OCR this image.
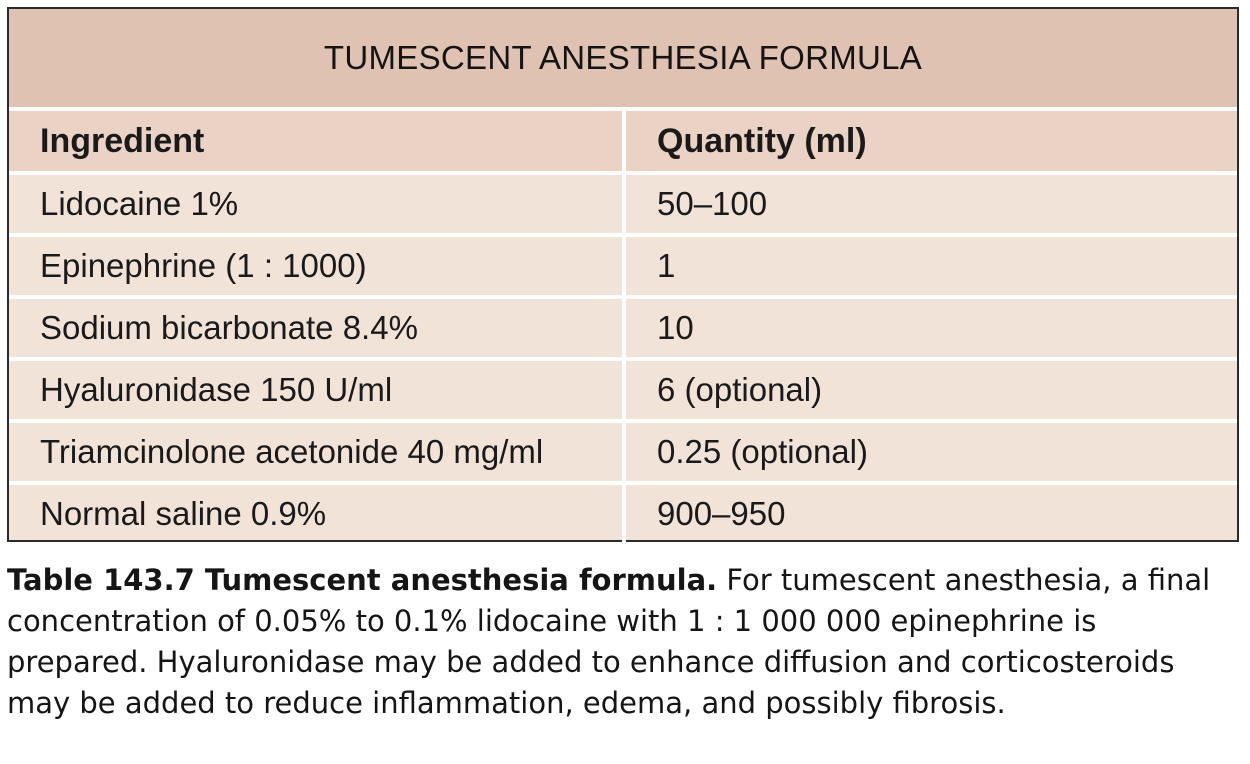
TUMESCENT ANESTHESIA FORMULA
Ingredient	Quantity (ml)
Lidocaine 1%	50–100
Epinephrine (1 : 1000)	1
Sodium bicarbonate 8.4%	10
Hyaluronidase 150 U/ml	6 (optional)
Triamcinolone acetonide 40 mg/ml	0.25 (optional)
Normal saline 0.9%	900–950
Table 143.7 Tumescent anesthesia formula. For tumescent anesthesia, a final concentration of 0.05% to 0.1% lidocaine with 1 : 1 000 000 epinephrine is prepared. Hyaluronidase may be added to enhance diffusion and corticosteroids may be added to reduce inflammation, edema, and possibly fibrosis.
